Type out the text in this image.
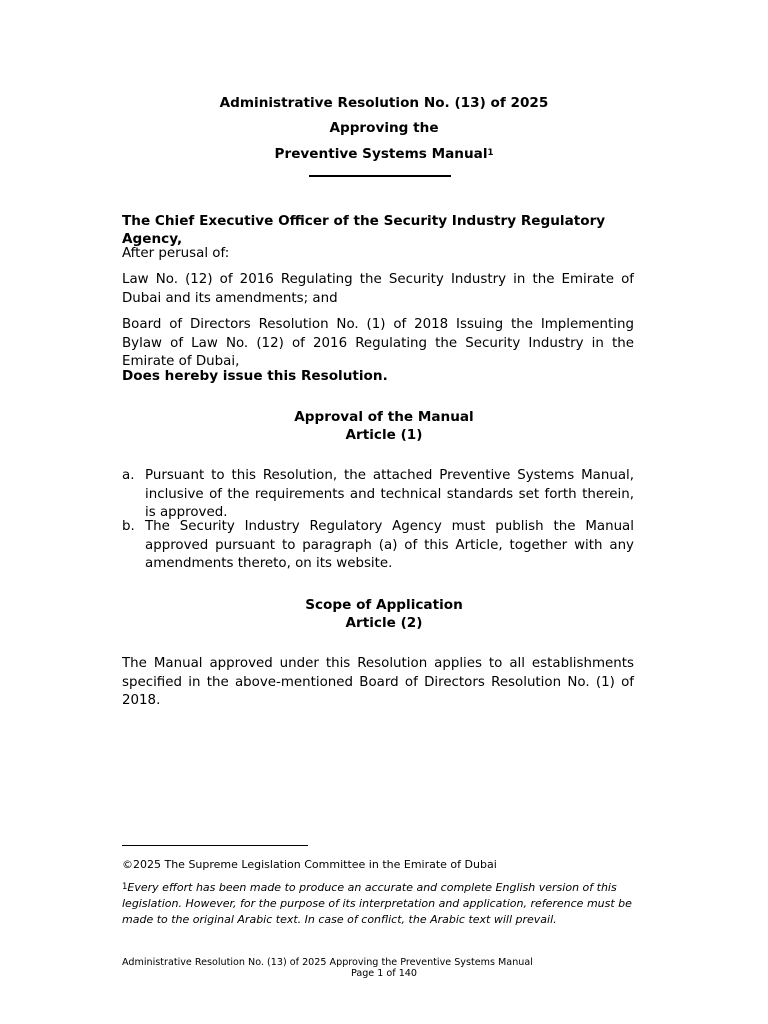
Administrative Resolution No. (13) of 2025
Approving the
Preventive Systems Manual$^1$
The Chief Executive Officer of the Security Industry Regulatory Agency,
After perusal of:
Law No. (12) of 2016 Regulating the Security Industry in the Emirate of Dubai and its amendments; and
Board of Directors Resolution No. (1) of 2018 Issuing the Implementing Bylaw of Law No. (12) of 2016 Regulating the Security Industry in the Emirate of Dubai,
Does hereby issue this Resolution.
Approval of the Manual
Article (1)
a. Pursuant to this Resolution, the attached Preventive Systems Manual, inclusive of the requirements and technical standards set forth therein, is approved.
b. The Security Industry Regulatory Agency must publish the Manual approved pursuant to paragraph (a) of this Article, together with any amendments thereto, on its website.
Scope of Application
Article (2)
The Manual approved under this Resolution applies to all establishments specified in the above-mentioned Board of Directors Resolution No. (1) of 2018.
©2025 The Supreme Legislation Committee in the Emirate of Dubai
$^1$Every effort has been made to produce an accurate and complete English version of this legislation. However, for the purpose of its interpretation and application, reference must be made to the original Arabic text. In case of conflict, the Arabic text will prevail.
Administrative Resolution No. (13) of 2025 Approving the Preventive Systems Manual
Page 1 of 140
